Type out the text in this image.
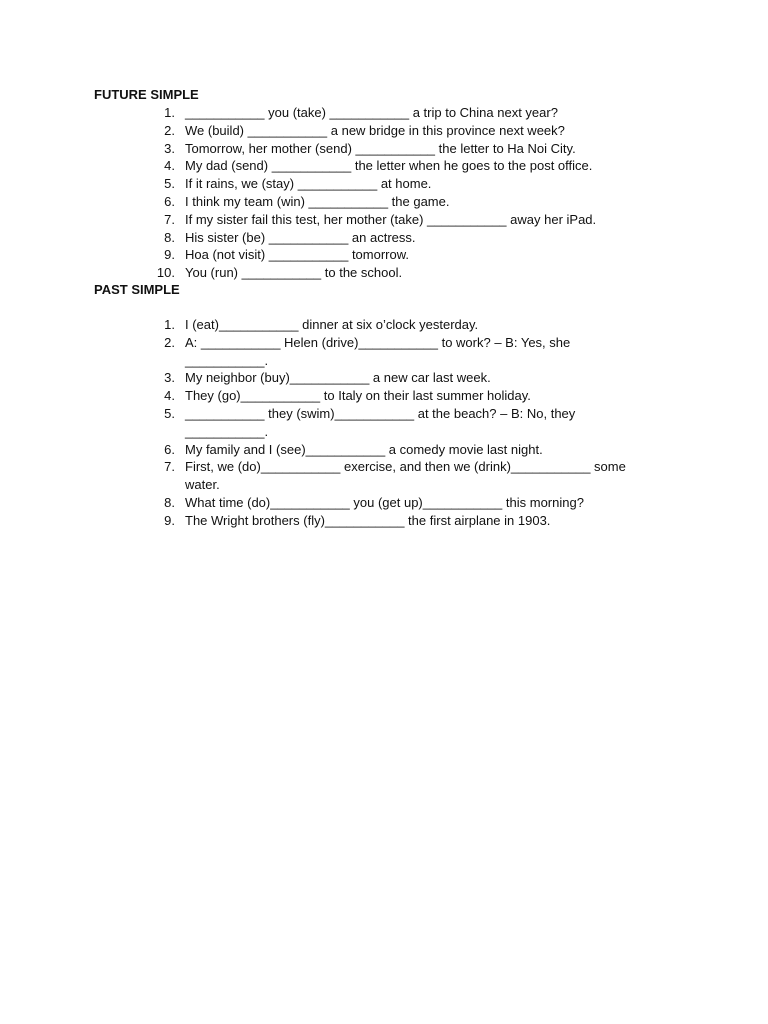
FUTURE SIMPLE
1. ___________ you (take) ___________ a trip to China next year?
2. We (build) ___________ a new bridge in this province next week?
3. Tomorrow, her mother (send) ___________ the letter to Ha Noi City.
4. My dad (send) ___________ the letter when he goes to the post office.
5. If it rains, we (stay) ___________ at home.
6. I think my team (win) ___________ the game.
7. If my sister fail this test, her mother (take) ___________ away her iPad.
8. His sister (be) ___________ an actress.
9. Hoa (not visit) ___________ tomorrow.
10. You (run) ___________ to the school.
PAST SIMPLE
1. I (eat)___________ dinner at six o’clock yesterday.
2. A: ___________ Helen (drive)___________ to work? – B: Yes, she
___________.
3. My neighbor (buy)___________ a new car last week.
4. They (go)___________ to Italy on their last summer holiday.
5. ___________ they (swim)___________ at the beach? – B: No, they
___________.
6. My family and I (see)___________ a comedy movie last night.
7. First, we (do)___________ exercise, and then we (drink)___________ some
water.
8. What time (do)___________ you (get up)___________ this morning?
9. The Wright brothers (fly)___________ the first airplane in 1903.
